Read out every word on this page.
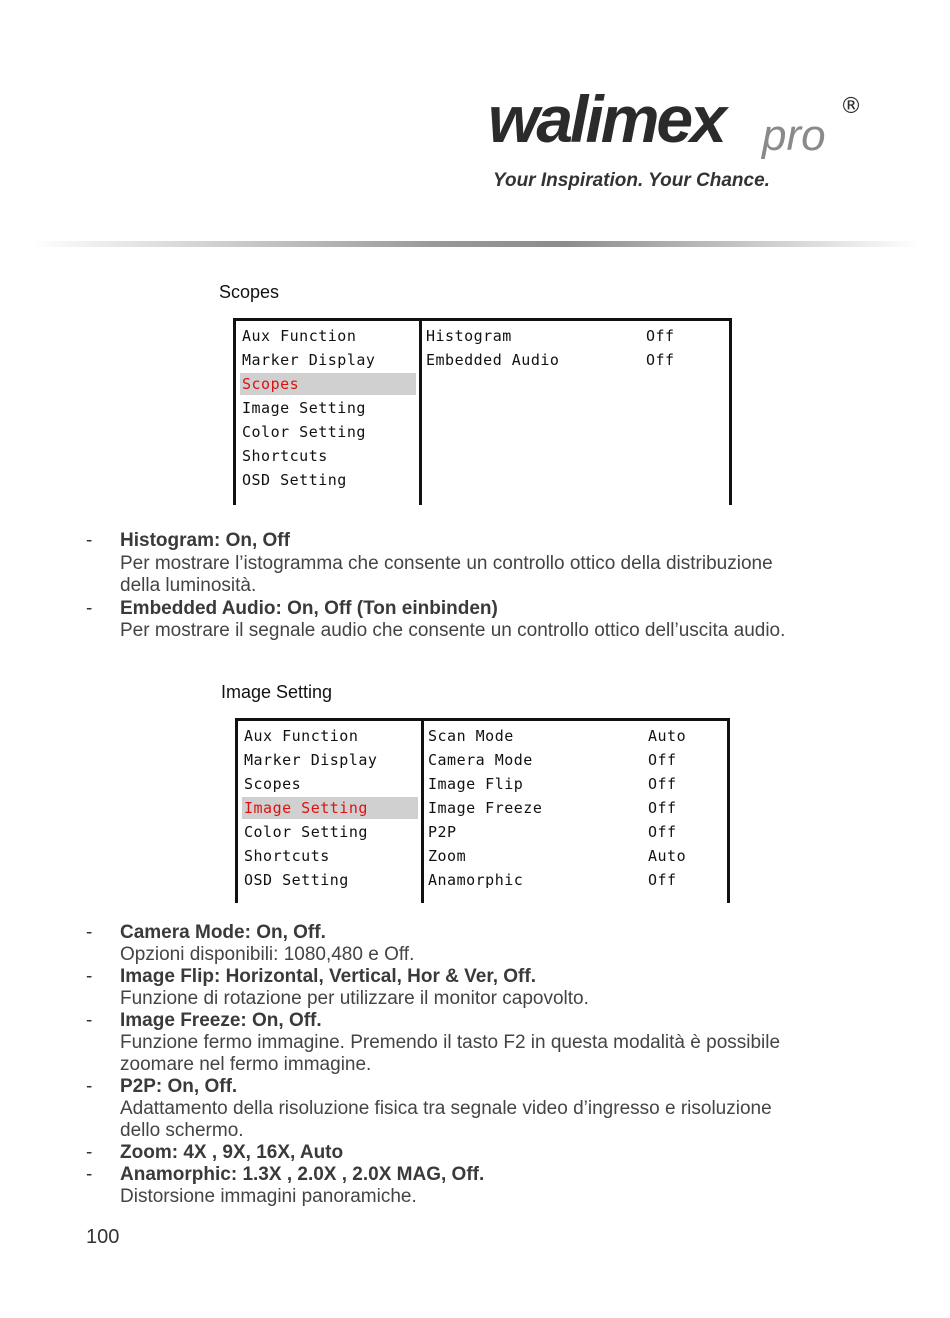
walimex pro
®
Your Inspiration. Your Chance.
Scopes
Aux Function
Marker Display
Scopes
Image Setting
Color Setting
Shortcuts
OSD Setting
Histogram	Off
Embedded Audio	Off
- Histogram: On, Off
Per mostrare l’istogramma che consente un controllo ottico della distribuzione
della luminosità.
- Embedded Audio: On, Off (Ton einbinden)
Per mostrare il segnale audio che consente un controllo ottico dell’uscita audio.
Image Setting
Aux Function
Marker Display
Scopes
Image Setting
Color Setting
Shortcuts
OSD Setting
Scan Mode	Auto
Camera Mode	Off
Image Flip	Off
Image Freeze	Off
P2P	Off
Zoom	Auto
Anamorphic	Off
- Camera Mode: On, Off.
Opzioni disponibili: 1080,480 e Off.
- Image Flip: Horizontal, Vertical, Hor & Ver, Off.
Funzione di rotazione per utilizzare il monitor capovolto.
- Image Freeze: On, Off.
Funzione fermo immagine. Premendo il tasto F2 in questa modalità è possibile
zoomare nel fermo immagine.
- P2P: On, Off.
Adattamento della risoluzione fisica tra segnale video d’ingresso e risoluzione
dello schermo.
- Zoom: 4X , 9X, 16X, Auto
- Anamorphic: 1.3X , 2.0X , 2.0X MAG, Off.
Distorsione immagini panoramiche.
100
